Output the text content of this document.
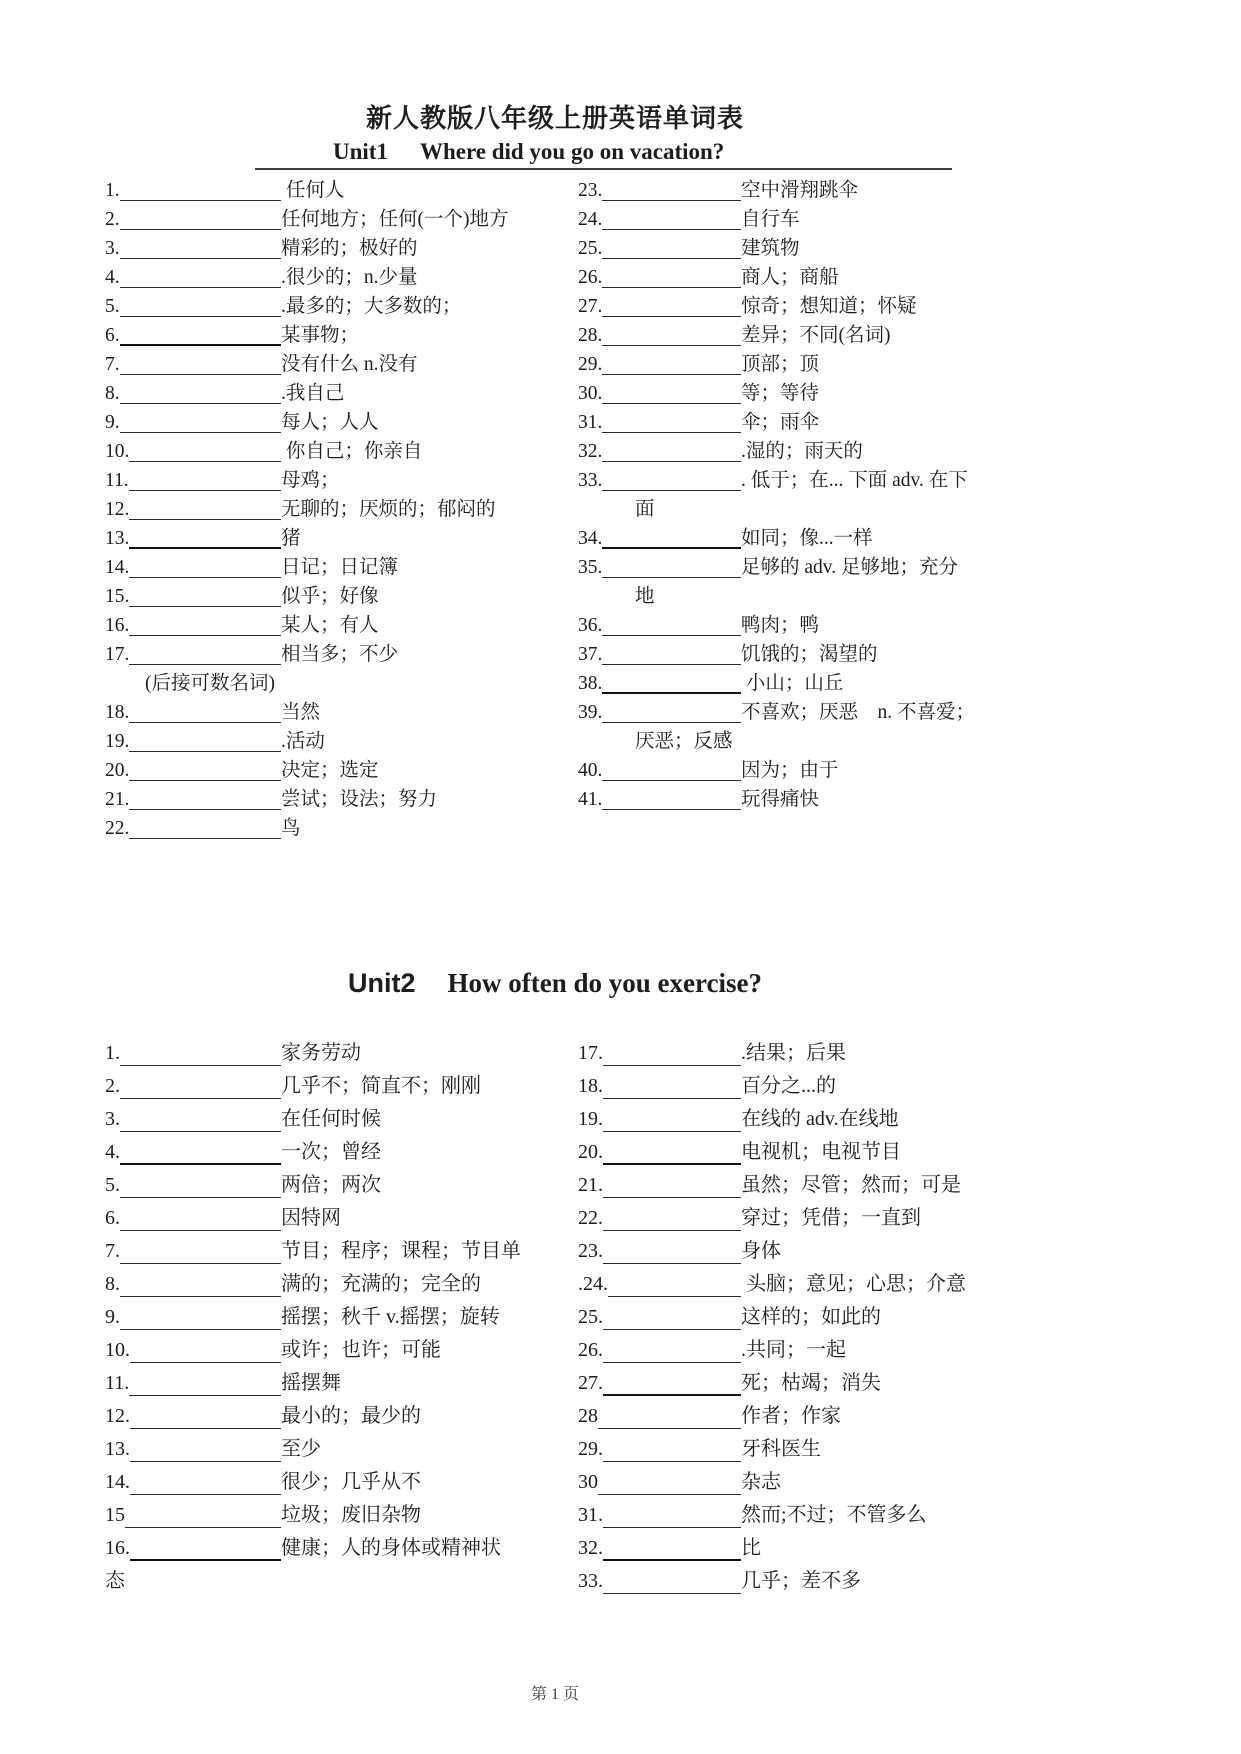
新人教版八年级上册英语单词表
Unit1 Where did you go on vacation?
1.	任何人
2.	任何地方；任何(一个)地方
3.	精彩的；极好的
4.	.很少的；n.少量
5.	.最多的；大多数的；
6.	某事物；
7.	没有什么 n.没有
8.	.我自己
9.	每人；人人
10.	你自己；你亲自
11.	母鸡；
12.	无聊的；厌烦的；郁闷的
13.	猪
14.	日记；日记簿
15.	似乎；好像
16.	某人；有人
17.	相当多；不少
(后接可数名词)
18.	当然
19.	.活动
20.	决定；选定
21.	尝试；设法；努力
22.	鸟
23.	空中滑翔跳伞
24.	自行车
25.	建筑物
26.	商人；商船
27.	惊奇；想知道；怀疑
28.	差异；不同(名词)
29.	顶部；顶
30.	等；等待
31.	伞；雨伞
32.	.湿的；雨天的
33.	. 低于；在... 下面 adv. 在下
面
34.	如同；像...一样
35.	足够的 adv. 足够地；充分
地
36.	鸭肉；鸭
37.	饥饿的；渴望的
38.	小山；山丘
39.	不喜欢；厌恶　n. 不喜爱；
厌恶；反感
40.	因为；由于
41.	玩得痛快
Unit2 How often do you exercise?
1.	家务劳动
2.	几乎不；简直不；刚刚
3.	在任何时候
4.	一次；曾经
5.	两倍；两次
6.	因特网
7.	节目；程序；课程；节目单
8.	满的；充满的；完全的
9.	摇摆；秋千 v.摇摆；旋转
10.	或许；也许；可能
11.	摇摆舞
12.	最小的；最少的
13.	至少
14.	很少；几乎从不
15	垃圾；废旧杂物
16.	健康；人的身体或精神状
态
17.	.结果；后果
18.	百分之...的
19.	在线的 adv.在线地
20.	电视机；电视节目
21.	虽然；尽管；然而；可是
22.	穿过；凭借；一直到
23.	身体
.24.	头脑；意见；心思；介意
25.	这样的；如此的
26.	.共同；一起
27.	死；枯竭；消失
28	作者；作家
29.	牙科医生
30	杂志
31.	然而;不过；不管多么
32.	比
33.	几乎；差不多
第 1 页
